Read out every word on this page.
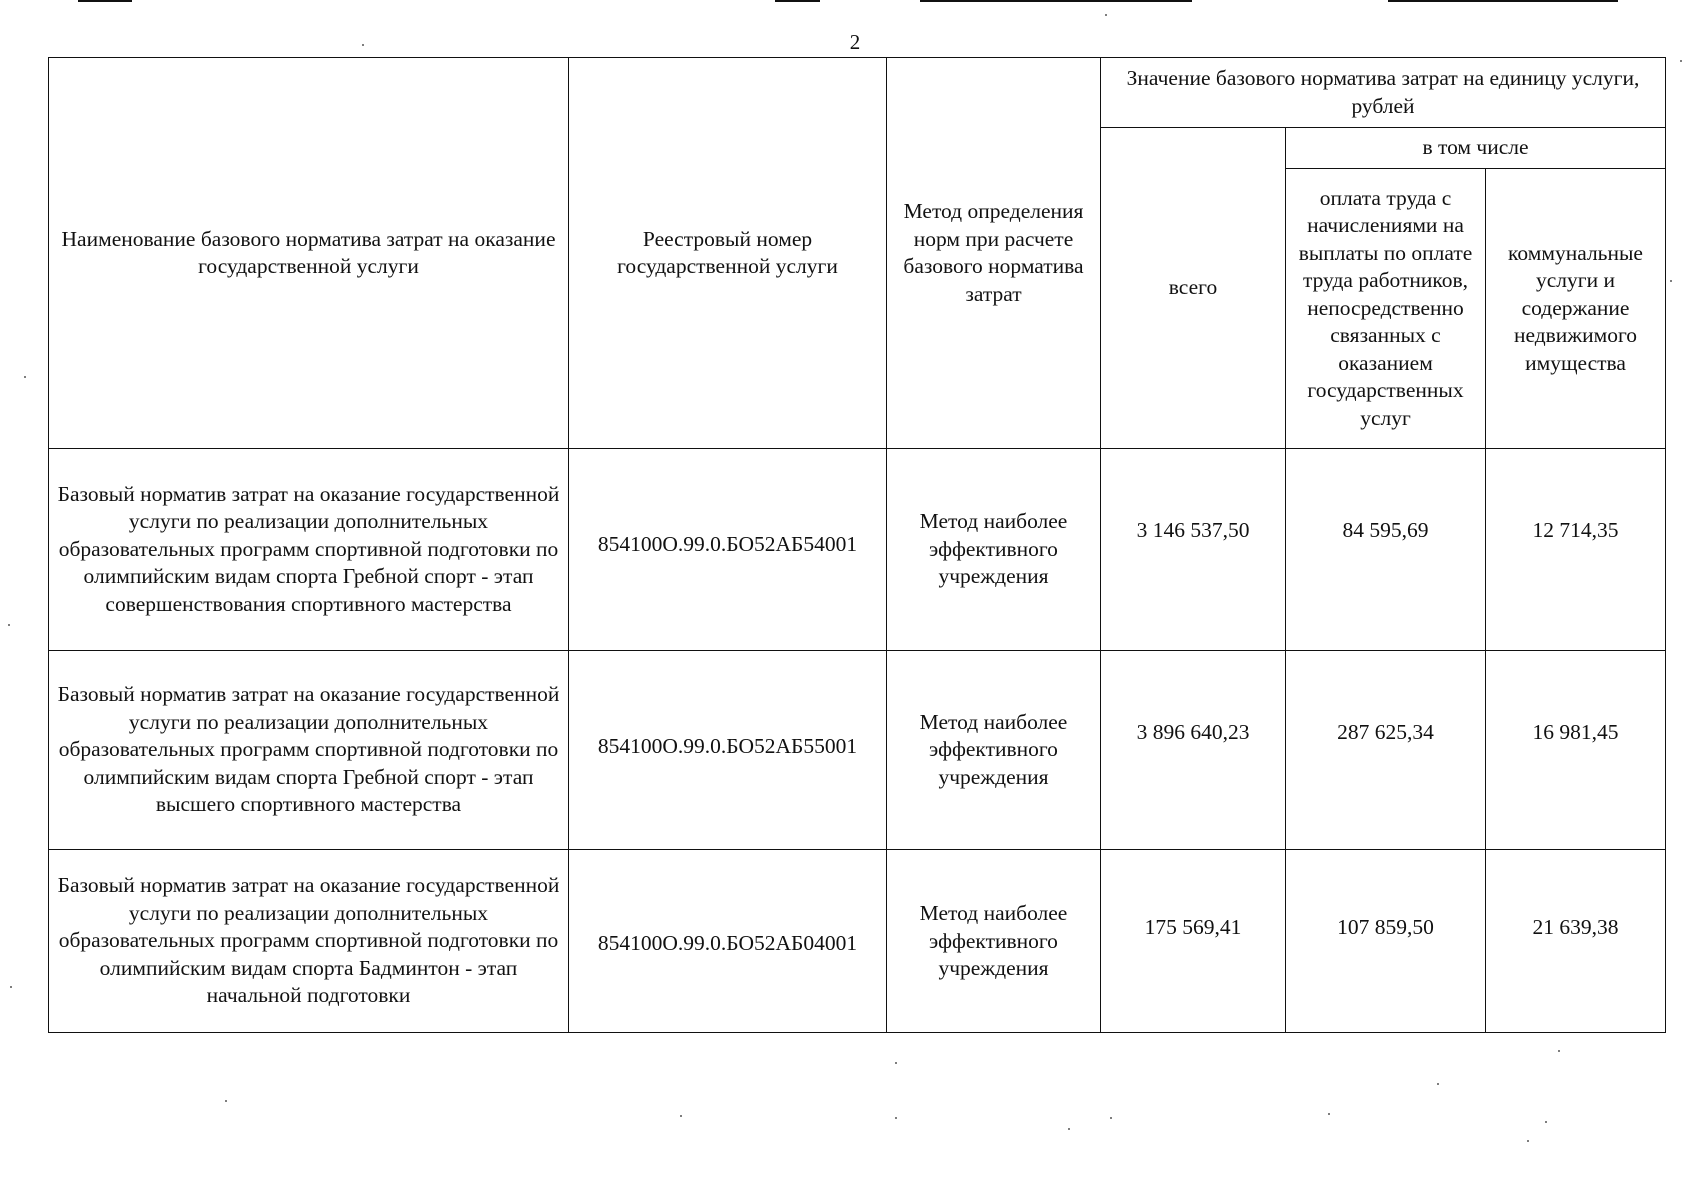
2
Наименование базового норматива затрат на оказание государственной услуги	Реестровый номер государственной услуги	Метод определения норм при расчете базового норматива затрат	Значение базового норматива затрат на единицу услуги, рублей		
			всего	в том числе	
				оплата труда с начислениями на выплаты по оплате труда работников, непосредственно связанных с оказанием государственных услуг	коммунальные услуги и содержание недвижимого имущества
Базовый норматив затрат на оказание государственной услуги по реализации дополнительных образовательных программ спортивной подготовки по олимпийским видам спорта Гребной спорт - этап совершенствования спортивного мастерства	854100О.99.0.БО52АБ54001	Метод наиболее эффективного учреждения	3 146 537,50	84 595,69	12 714,35
Базовый норматив затрат на оказание государственной услуги по реализации дополнительных образовательных программ спортивной подготовки по олимпийским видам спорта Гребной спорт - этап высшего спортивного мастерства	854100О.99.0.БО52АБ55001	Метод наиболее эффективного учреждения	3 896 640,23	287 625,34	16 981,45
Базовый норматив затрат на оказание государственной услуги по реализации дополнительных образовательных программ спортивной подготовки по олимпийским видам спорта Бадминтон - этап начальной подготовки	854100О.99.0.БО52АБ04001	Метод наиболее эффективного учреждения	175 569,41	107 859,50	21 639,38
